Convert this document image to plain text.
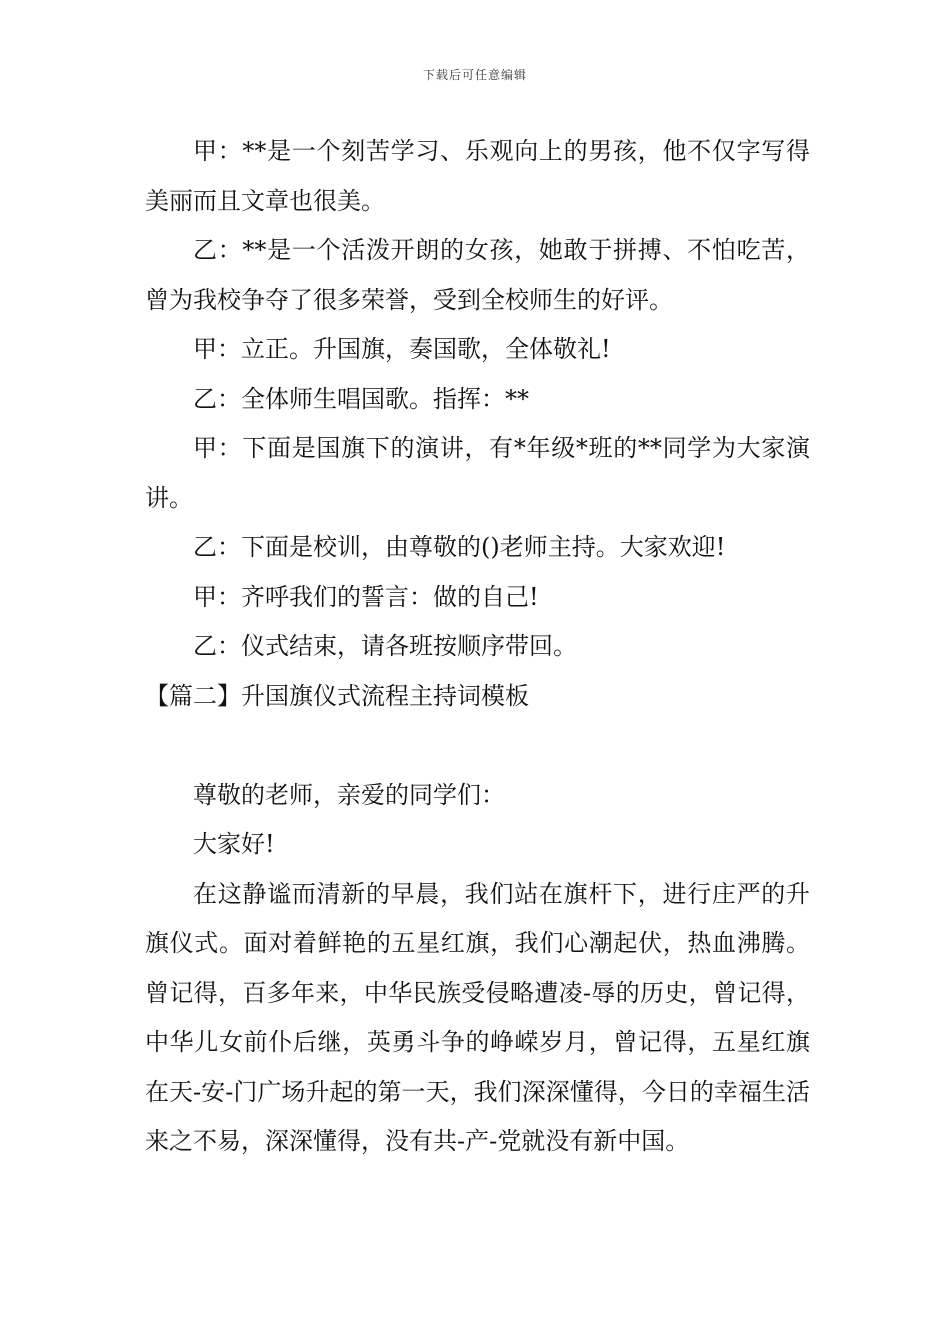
下载后可任意编辑

甲：**是一个刻苦学习、乐观向上的男孩，他不仅字写得美丽而且文章也很美。

乙：**是一个活泼开朗的女孩，她敢于拼搏、不怕吃苦，曾为我校争夺了很多荣誉，受到全校师生的好评。

甲：立正。升国旗，奏国歌，全体敬礼!

乙：全体师生唱国歌。指挥：**

甲：下面是国旗下的演讲，有*年级*班的**同学为大家演讲。

乙：下面是校训，由尊敬的()老师主持。大家欢迎!

甲：齐呼我们的誓言：做的自己!

乙：仪式结束，请各班按顺序带回。

【篇二】升国旗仪式流程主持词模板

尊敬的老师，亲爱的同学们：

大家好!

在这静谧而清新的早晨，我们站在旗杆下，进行庄严的升旗仪式。面对着鲜艳的五星红旗，我们心潮起伏，热血沸腾。曾记得，百多年来，中华民族受侵略遭凌-辱的历史，曾记得，中华儿女前仆后继，英勇斗争的峥嵘岁月，曾记得，五星红旗在天-安-门广场升起的第一天，我们深深懂得，今日的幸福生活来之不易，深深懂得，没有共-产-党就没有新中国。
